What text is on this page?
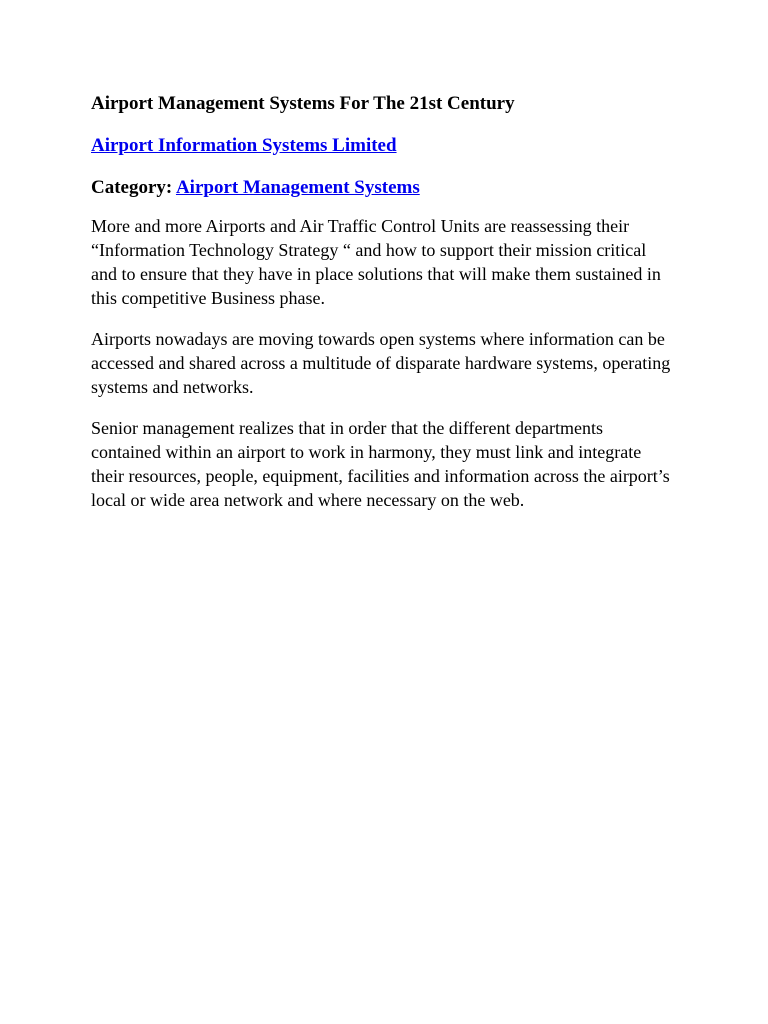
Airport Management Systems For The 21st Century
Airport Information Systems Limited
Category: Airport Management Systems

More and more Airports and Air Traffic Control Units are reassessing their “Information Technology Strategy “ and how to support their mission critical and to ensure that they have in place solutions that will make them sustained in this competitive Business phase.

Airports nowadays are moving towards open systems where information can be accessed and shared across a multitude of disparate hardware systems, operating systems and networks.

Senior management realizes that in order that the different departments contained within an airport to work in harmony, they must link and integrate their resources, people, equipment, facilities and information across the airport’s local or wide area network and where necessary on the web.
